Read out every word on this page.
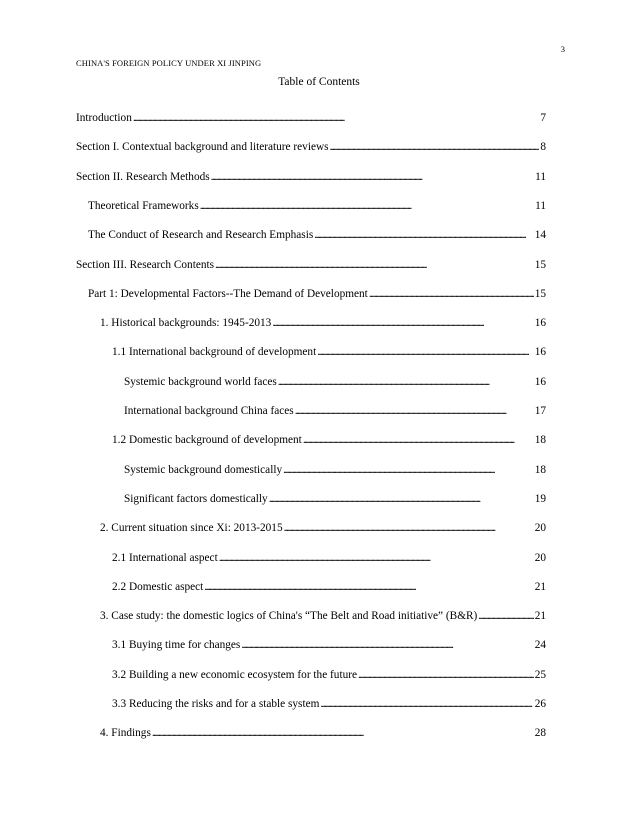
3
CHINA'S FOREIGN POLICY UNDER XI JINPING
Table of Contents
Introduction . . .	7
Section I. Contextual background and literature reviews . . .	8
Section II. Research Methods . . .	11
Theoretical Frameworks . . .	11
The Conduct of Research and Research Emphasis . . .	14
Section III. Research Contents . . .	15
Part 1: Developmental Factors--The Demand of Development . . .	15
1. Historical backgrounds: 1945-2013 . . .	16
1.1 International background of development . . .	16
Systemic background world faces . . .	16
International background China faces . . .	17
1.2 Domestic background of development . . .	18
Systemic background domestically . . .	18
Significant factors domestically . . .	19
2. Current situation since Xi: 2013-2015 . . .	20
2.1 International aspect . . .	20
2.2 Domestic aspect . . .	21
3. Case study: the domestic logics of China's “The Belt and Road initiative” (B&R) . . .	21
3.1 Buying time for changes . . .	24
3.2 Building a new economic ecosystem for the future . . .	25
3.3 Reducing the risks and for a stable system . . .	26
4. Findings . . .	28
